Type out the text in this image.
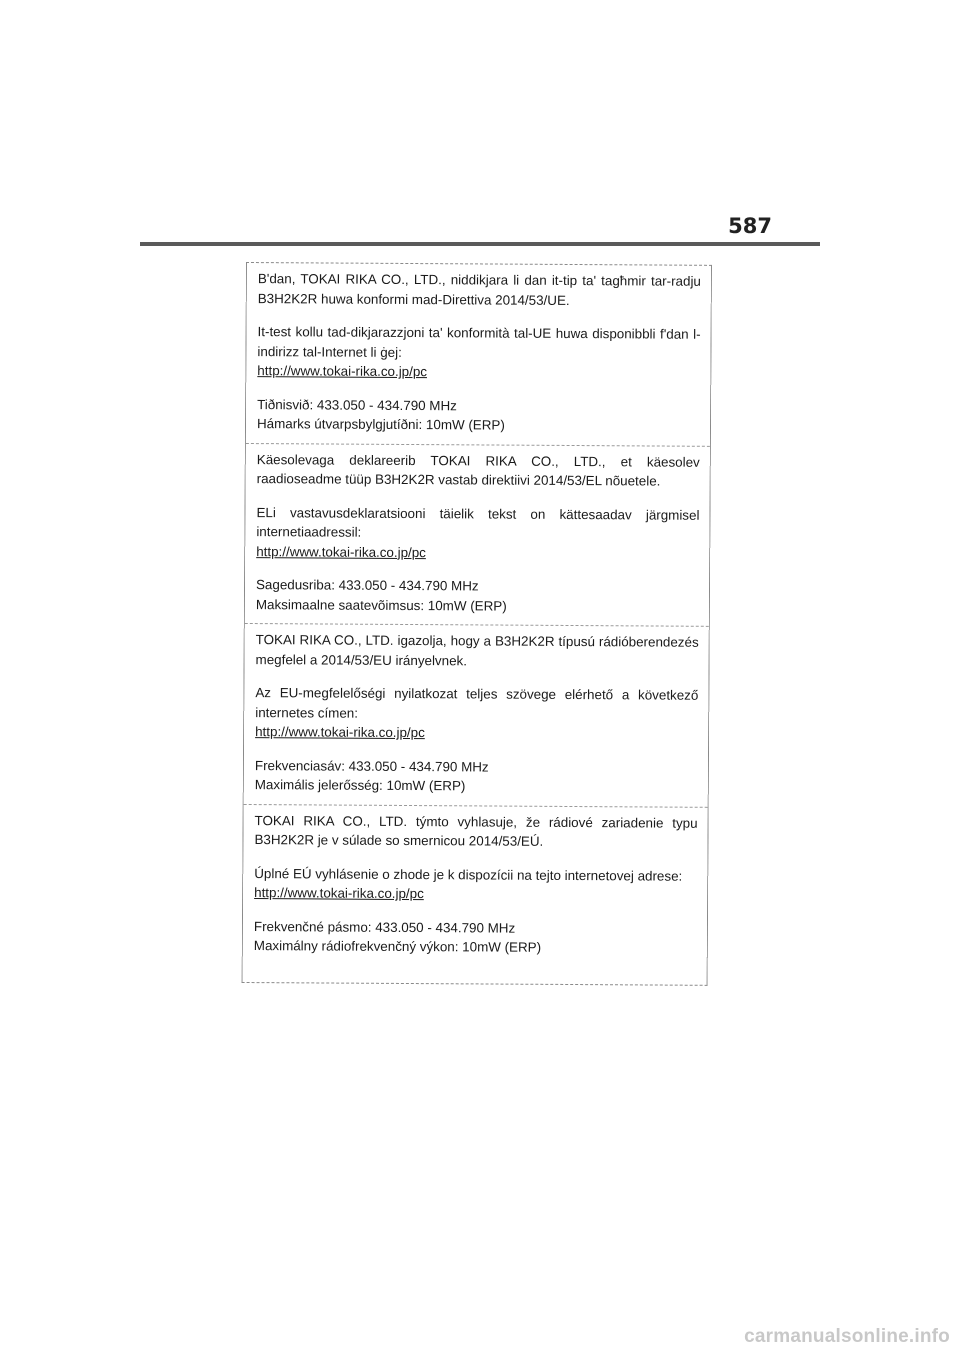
587

B'dan, TOKAI RIKA CO., LTD., niddikjara li dan it-tip ta' tagħmir tar-radju B3H2K2R huwa konformi mad-Direttiva 2014/53/UE.

It-test kollu tad-dikjarazzjoni ta' konformità tal-UE huwa disponibbli f'dan l-indirizz tal-Internet li ġej:

http://www.tokai-rika.co.jp/pc

Tiðnisvið: 433.050 - 434.790 MHz

Hámarks útvarpsbylgjutíðni: 10mW (ERP)

Käesolevaga deklareerib TOKAI RIKA CO., LTD., et käesolev raadioseadme tüüp B3H2K2R vastab direktiivi 2014/53/EL nõuetele.

ELi vastavusdeklaratsiooni täielik tekst on kättesaadav järgmisel internetiaadressil:

http://www.tokai-rika.co.jp/pc

Sagedusriba: 433.050 - 434.790 MHz

Maksimaalne saatevõimsus: 10mW (ERP)

TOKAI RIKA CO., LTD. igazolja, hogy a B3H2K2R típusú rádióberendezés megfelel a 2014/53/EU irányelvnek.

Az EU-megfelelőségi nyilatkozat teljes szövege elérhető a következő internetes címen:

http://www.tokai-rika.co.jp/pc

Frekvenciasáv: 433.050 - 434.790 MHz

Maximális jelerősség: 10mW (ERP)

TOKAI RIKA CO., LTD. týmto vyhlasuje, že rádiové zariadenie typu B3H2K2R je v súlade so smernicou 2014/53/EÚ.

Úplné EÚ vyhlásenie o zhode je k dispozícii na tejto internetovej adrese:

http://www.tokai-rika.co.jp/pc

Frekvenčné pásmo: 433.050 - 434.790 MHz

Maximálny rádiofrekvenčný výkon: 10mW (ERP)

carmanualsonline.info
